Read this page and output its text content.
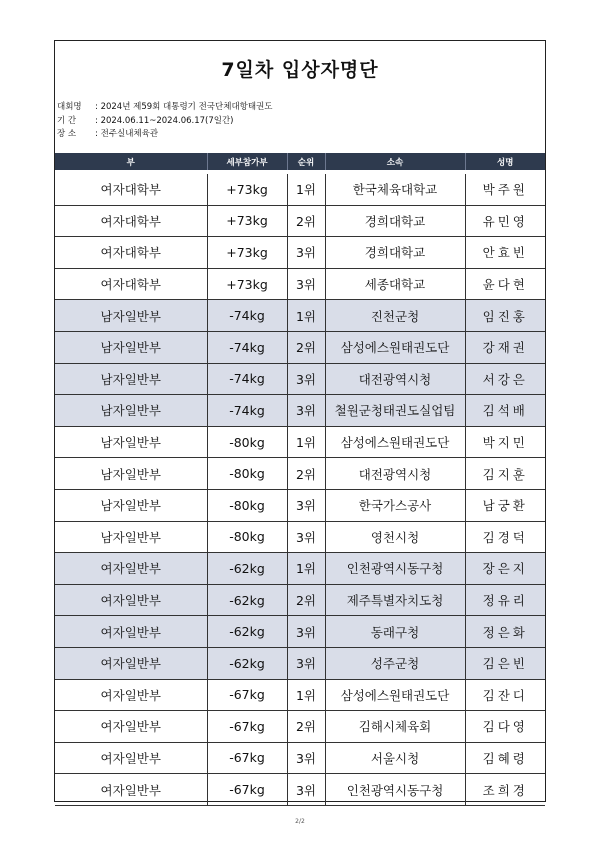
7일차 입상자명단
대회명 : 2024년 제59회 대통령기 전국단체대항태권도
기 간 : 2024.06.11~2024.06.17(7일간)
장 소 : 전주실내체육관
부	세부참가부	순위	소속	성명

여자대학부	+73kg	1위	한국체육대학교	박주원
여자대학부	+73kg	2위	경희대학교	유민영
여자대학부	+73kg	3위	경희대학교	안효빈
여자대학부	+73kg	3위	세종대학교	윤다현
남자일반부	-74kg	1위	진천군청	임진홍
남자일반부	-74kg	2위	삼성에스원태권도단	강재권
남자일반부	-74kg	3위	대전광역시청	서강은
남자일반부	-74kg	3위	철원군청태권도실업팀	김석배
남자일반부	-80kg	1위	삼성에스원태권도단	박지민
남자일반부	-80kg	2위	대전광역시청	김지훈
남자일반부	-80kg	3위	한국가스공사	남궁환
남자일반부	-80kg	3위	영천시청	김경덕
여자일반부	-62kg	1위	인천광역시동구청	장은지
여자일반부	-62kg	2위	제주특별자치도청	정유리
여자일반부	-62kg	3위	동래구청	정은화
여자일반부	-62kg	3위	성주군청	김은빈
여자일반부	-67kg	1위	삼성에스원태권도단	김잔디
여자일반부	-67kg	2위	김해시체육회	김다영
여자일반부	-67kg	3위	서울시청	김혜령
여자일반부	-67kg	3위	인천광역시동구청	조희경
2/2
